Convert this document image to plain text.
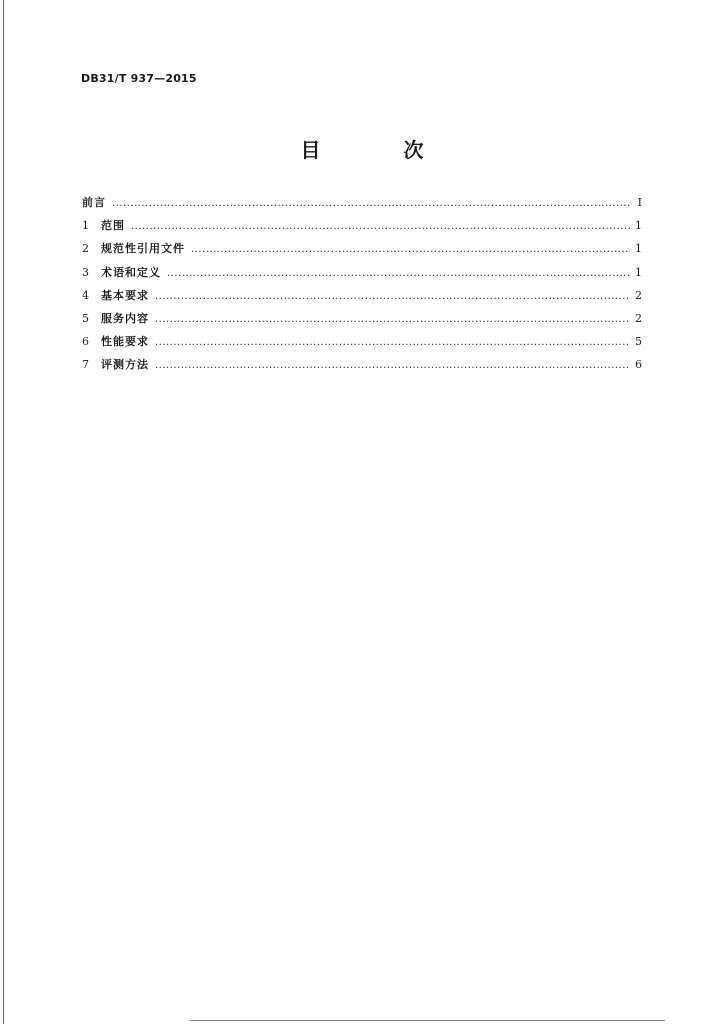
DB31/T 937—2015
目 次
前言 .....	Ⅰ
1	范围 .....	1
2	规范性引用文件 .....	1
3	术语和定义 .....	1
4	基本要求 .....	2
5	服务内容 .....	2
6	性能要求 .....	5
7	评测方法 .....	6
